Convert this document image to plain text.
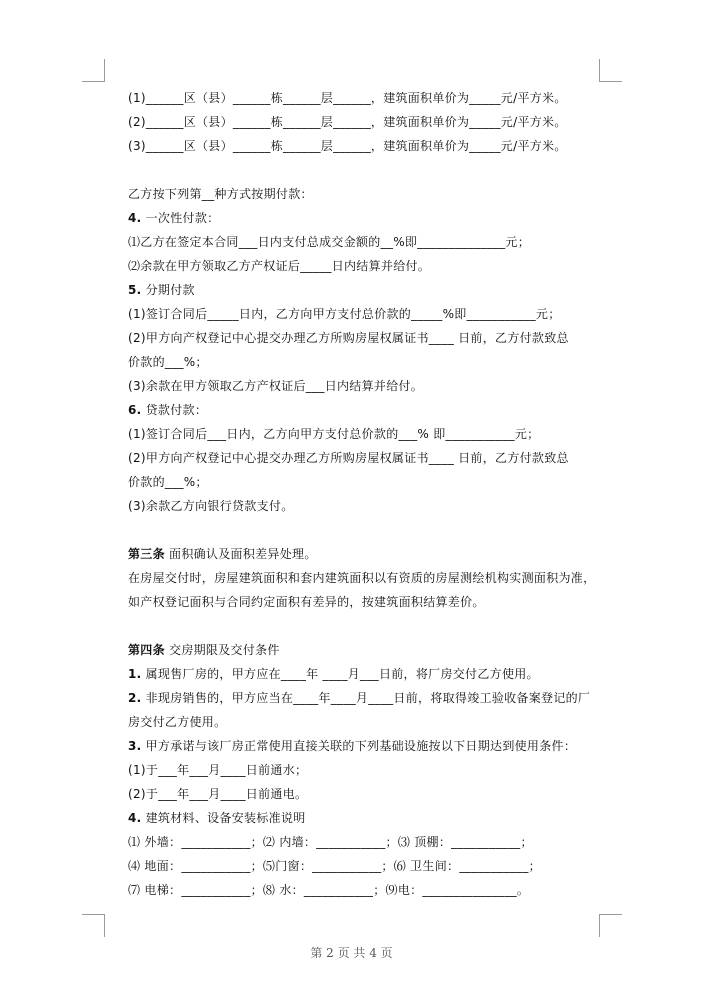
(1)______区（县）______栋______层______，建筑面积单价为_____元/平方米。
(2)______区（县）______栋______层______，建筑面积单价为_____元/平方米。
(3)______区（县）______栋______层______，建筑面积单价为_____元/平方米。
乙方按下列第__种方式按期付款：
4. 一次性付款：
⑴乙方在签定本合同___日内支付总成交金额的__%即______________元；
⑵余款在甲方领取乙方产权证后_____日内结算并给付。
5. 分期付款
(1)签订合同后_____日内，乙方向甲方支付总价款的_____%即___________元；
(2)甲方向产权登记中心提交办理乙方所购房屋权属证书____ 日前，乙方付款致总
价款的___%；
(3)余款在甲方领取乙方产权证后___日内结算并给付。
6. 贷款付款：
(1)签订合同后___日内，乙方向甲方支付总价款的___% 即___________元；
(2)甲方向产权登记中心提交办理乙方所购房屋权属证书____ 日前，乙方付款致总
价款的___%；
(3)余款乙方向银行贷款支付。
第三条 面积确认及面积差异处理。
在房屋交付时，房屋建筑面积和套内建筑面积以有资质的房屋测绘机构实测面积为准，
如产权登记面积与合同约定面积有差异的，按建筑面积结算差价。
第四条 交房期限及交付条件
1. 属现售厂房的，甲方应在____年 ____月___日前，将厂房交付乙方使用。
2. 非现房销售的，甲方应当在____年____月____日前，将取得竣工验收备案登记的厂
房交付乙方使用。
3. 甲方承诺与该厂房正常使用直接关联的下列基础设施按以下日期达到使用条件：
(1)于___年___月____日前通水；
(2)于___年___月____日前通电。
4. 建筑材料、设备安装标准说明
⑴ 外墙：___________；⑵ 内墙：___________；⑶ 顶棚：___________；
⑷ 地面：___________；⑸门窗：___________；⑹ 卫生间：___________；
⑺ 电梯：___________；⑻ 水：___________；⑼电：_______________。
第 2 页 共 4 页
